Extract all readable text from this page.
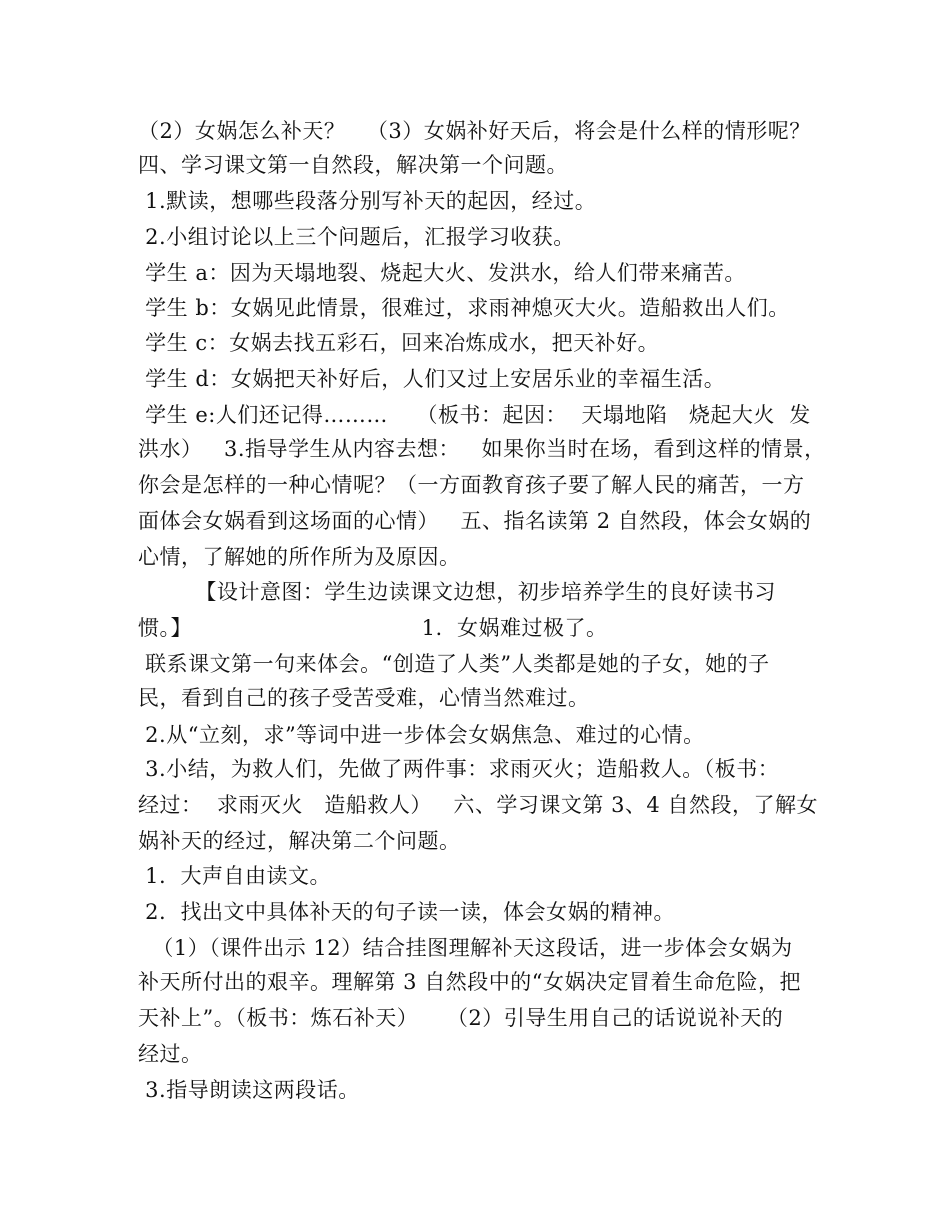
（2）女娲怎么补天？   （3）女娲补好天后，将会是什么样的情形呢？
四、学习课文第一自然段，解决第一个问题。
1.默读，想哪些段落分别写补天的起因，经过。
2.小组讨论以上三个问题后，汇报学习收获。
学生 a：因为天塌地裂、烧起大火、发洪水，给人们带来痛苦。
学生 b：女娲见此情景，很难过，求雨神熄灭大火。造船救出人们。
学生 c：女娲去找五彩石，回来冶炼成水，把天补好。
学生 d：女娲把天补好后，人们又过上安居乐业的幸福生活。
学生 e:人们还记得………    （板书：起因：  天塌地陷   烧起大火  发
洪水）   3.指导学生从内容去想：   如果你当时在场，看到这样的情景，
你会是怎样的一种心情呢？（一方面教育孩子要了解人民的痛苦，一方
面体会女娲看到这场面的心情）   五、指名读第 2 自然段，体会女娲的
心情，了解她的所作所为及原因。
【设计意图：学生边读课文边想，初步培养学生的良好读书习
惯。】                                1.  女娲难过极了。
联系课文第一句来体会。“创造了人类”人类都是她的子女，她的子
民，看到自己的孩子受苦受难，心情当然难过。
2.从“立刻，求”等词中进一步体会女娲焦急、难过的心情。
3.小结，为救人们，先做了两件事：求雨灭火；造船救人。（板书：
经过：  求雨灭火   造船救人）   六、学习课文第 3、4 自然段，了解女
娲补天的经过，解决第二个问题。
1.  大声自由读文。
2.  找出文中具体补天的句子读一读，体会女娲的精神。
（1）（课件出示 12）结合挂图理解补天这段话，进一步体会女娲为
补天所付出的艰辛。理解第 3 自然段中的“女娲决定冒着生命危险，把
天补上”。（板书：炼石补天）    （2）引导生用自己的话说说补天的
经过。
3.指导朗读这两段话。
